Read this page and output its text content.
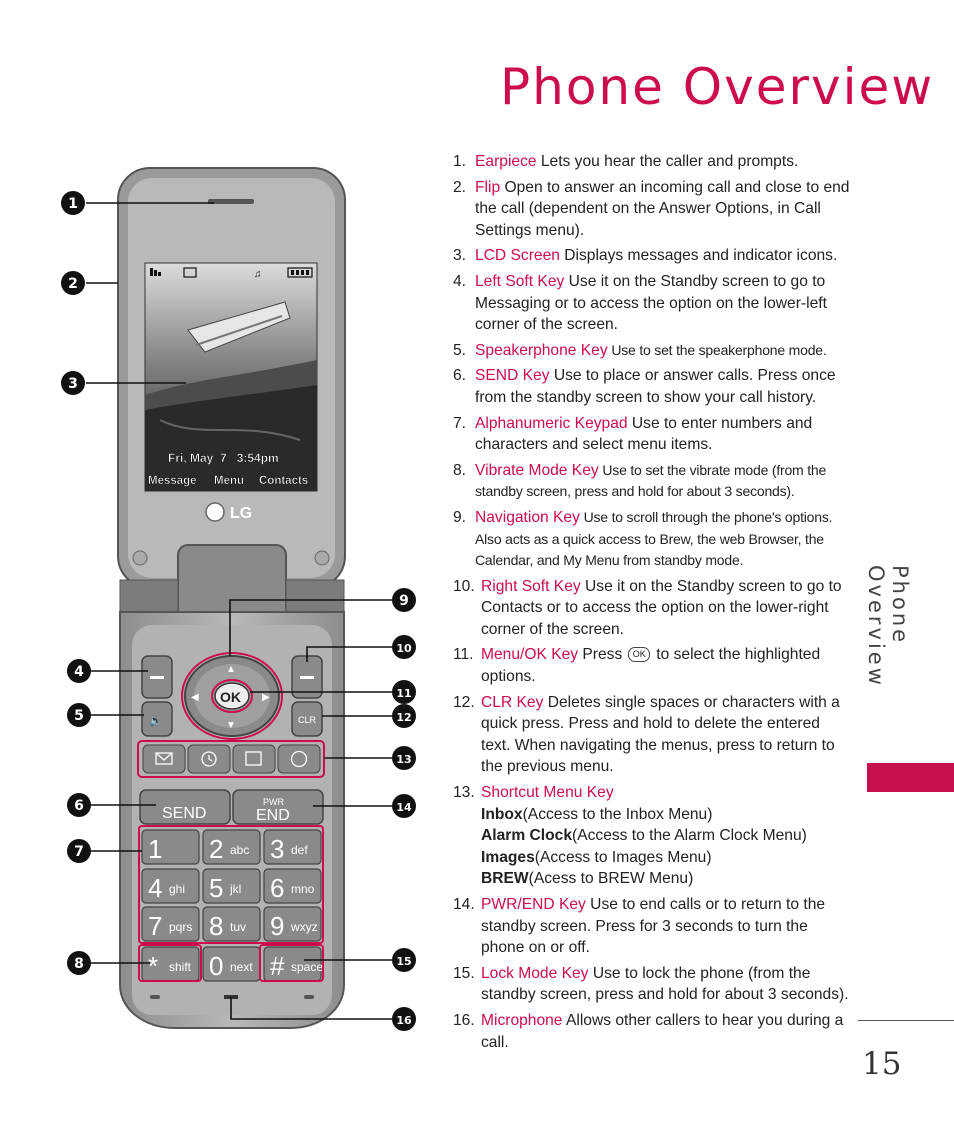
Phone Overview
♫
Fri, May  7   3:54pm
Message Menu Contacts
LG
🔈	CLR
▲
▼
◀	▶
OK
SEND
PWR
END
1 2 abc 3 def
4 ghi 5 jkl 6 mno
7 pqrs 8 tuv 9 wxyz
* shift 0 next # space
1
2
3
4
5
6
7
8
9
10
11
12
13
14
15
16
1. Earpiece Lets you hear the caller and prompts.
2. Flip Open to answer an incoming call and close to end the call (dependent on the Answer Options, in Call Settings menu).
3. LCD Screen Displays messages and indicator icons.
4. Left Soft Key Use it on the Standby screen to go to Messaging or to access the option on the lower-left corner of the screen.
5. Speakerphone Key Use to set the speakerphone mode.
6. SEND Key Use to place or answer calls. Press once from the standby screen to show your call history.
7. Alphanumeric Keypad Use to enter numbers and characters and select menu items.
8. Vibrate Mode Key Use to set the vibrate mode (from the standby screen, press and hold for about 3 seconds).
9. Navigation Key Use to scroll through the phone's options. Also acts as a quick access to Brew, the web Browser, the Calendar, and My Menu from standby mode.
10. Right Soft Key Use it on the Standby screen to go to Contacts or to access the option on the lower-right corner of the screen.
11. Menu/OK Key Press OK to select the highlighted options.
12. CLR Key Deletes single spaces or characters with a quick press. Press and hold to delete the entered text. When navigating the menus, press to return to the previous menu.
13. Shortcut Menu Key
Inbox(Access to the Inbox Menu)
Alarm Clock(Access to the Alarm Clock Menu)
Images(Access to Images Menu)
BREW(Acess to BREW Menu)
14. PWR/END Key Use to end calls or to return to the standby screen. Press for 3 seconds to turn the phone on or off.
15. Lock Mode Key Use to lock the phone (from the standby screen, press and hold for about 3 seconds).
16. Microphone Allows other callers to hear you during a call.
Phone Overview
15
